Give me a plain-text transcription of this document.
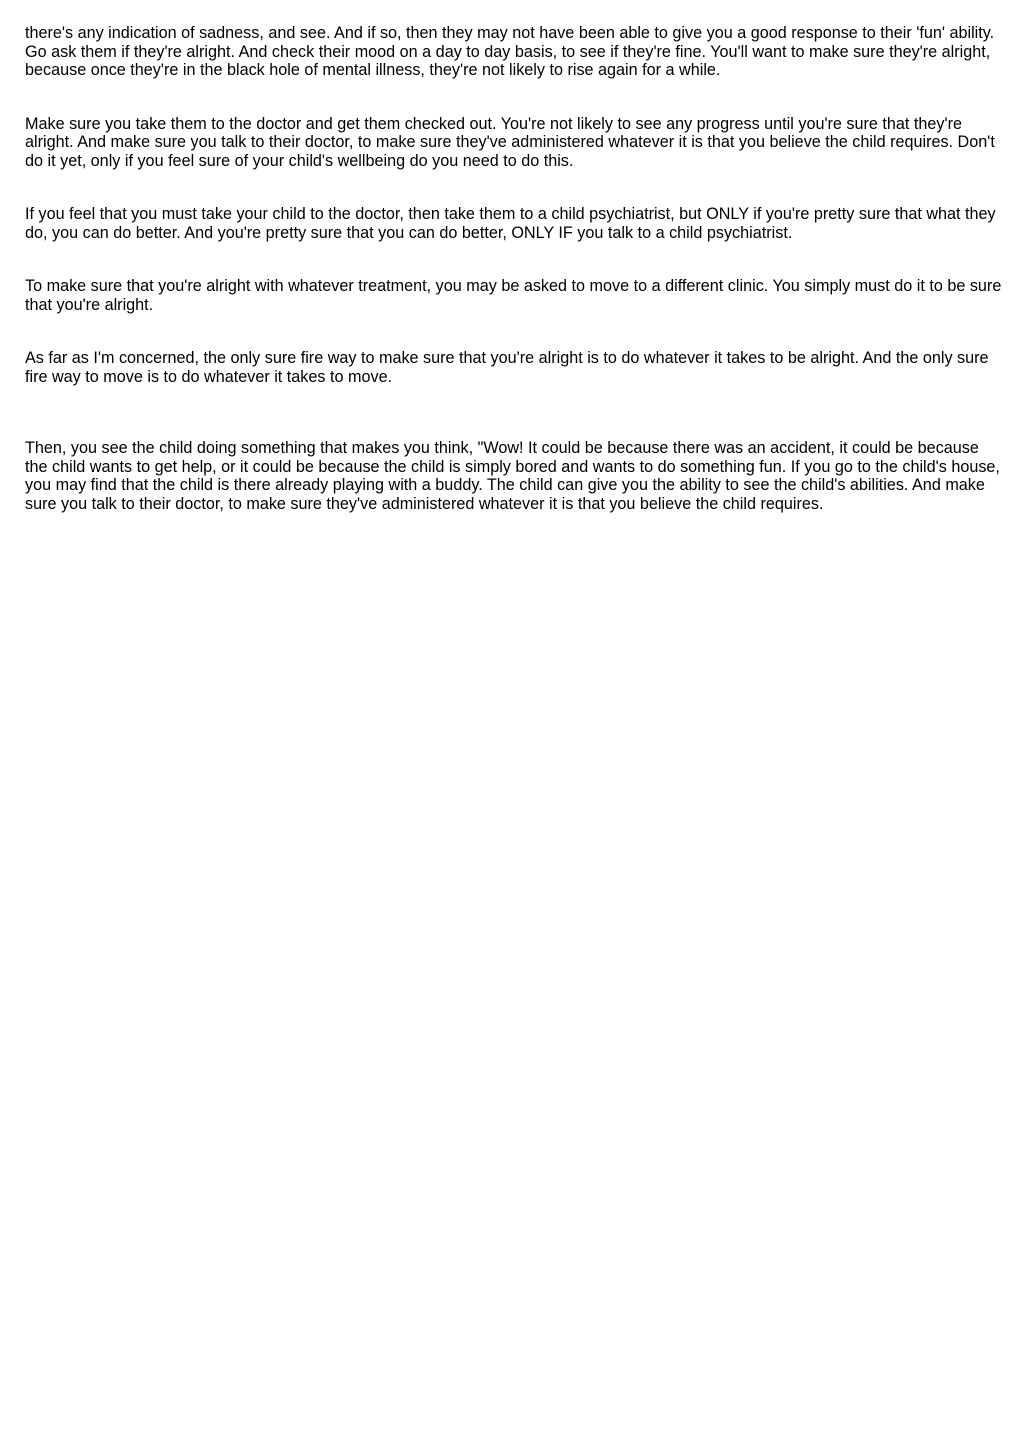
there's any indication of sadness, and see. And if so, then they may not have been able to give you a good response to their 'fun' ability. Go ask them if they're alright. And check their mood on a day to day basis, to see if they're fine. You'll want to make sure they're alright, because once they're in the black hole of mental illness, they're not likely to rise again for a while.

Make sure you take them to the doctor and get them checked out. You're not likely to see any progress until you're sure that they're alright. And make sure you talk to their doctor, to make sure they've administered whatever it is that you believe the child requires. Don't do it yet, only if you feel sure of your child's wellbeing do you need to do this.

If you feel that you must take your child to the doctor, then take them to a child psychiatrist, but ONLY if you're pretty sure that what they do, you can do better. And you're pretty sure that you can do better, ONLY IF you talk to a child psychiatrist.

To make sure that you're alright with whatever treatment, you may be asked to move to a different clinic. You simply must do it to be sure that you're alright.

As far as I'm concerned, the only sure fire way to make sure that you're alright is to do whatever it takes to be alright. And the only sure fire way to move is to do whatever it takes to move.

Then, you see the child doing something that makes you think, "Wow! It could be because there was an accident, it could be because the child wants to get help, or it could be because the child is simply bored and wants to do something fun. If you go to the child's house, you may find that the child is there already playing with a buddy. The child can give you the ability to see the child's abilities. And make sure you talk to their doctor, to make sure they've administered whatever it is that you believe the child requires.
